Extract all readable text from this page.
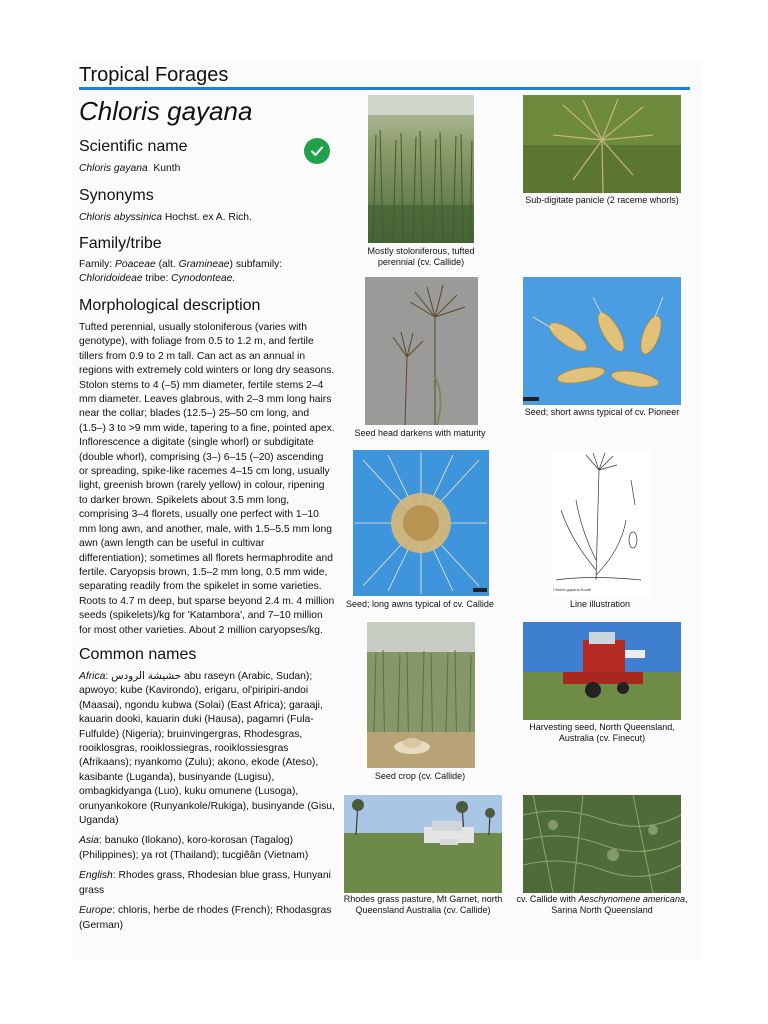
Tropical Forages
Chloris gayana
Scientific name
Chloris gayana Kunth
Synonyms
Chloris abyssinica Hochst. ex A. Rich.
Family/tribe
Family: Poaceae (alt. Gramineae) subfamily:
Chloridoideae tribe: Cynodonteae.
Morphological description
Tufted perennial, usually stoloniferous (varies with genotype), with foliage from 0.5 to 1.2 m, and fertile tillers from 0.9 to 2 m tall. Can act as an annual in regions with extremely cold winters or long dry seasons. Stolon stems to 4 (–5) mm diameter, fertile stems 2–4 mm diameter. Leaves glabrous, with 2–3 mm long hairs near the collar; blades (12.5–) 25–50 cm long, and (1.5–) 3 to >9 mm wide, tapering to a fine, pointed apex. Inflorescence a digitate (single whorl) or subdigitate (double whorl), comprising (3–) 6–15 (–20) ascending or spreading, spike-like racemes 4–15 cm long, usually light, greenish brown (rarely yellow) in colour, ripening to darker brown. Spikelets about 3.5 mm long, comprising 3–4 florets, usually one perfect with 1–10 mm long awn, and another, male, with 1.5–5.5 mm long awn (awn length can be useful in cultivar differentiation); sometimes all florets hermaphrodite and fertile. Caryopsis brown, 1.5–2 mm long, 0.5 mm wide, separating readily from the spikelet in some varieties. Roots to 4.7 m deep, but sparse beyond 2.4 m. 4 million seeds (spikelets)/kg for 'Katambora', and 7–10 million for most other varieties. About 2 million caryopses/kg.
Common names

Africa: حشيشة الرودس abu raseyn (Arabic, Sudan); apwoyo; kube (Kavirondo), erigaru, ol'piripiri-andoi (Maasai), ngondu kubwa (Solai) (East Africa); garaaji, kauarin dooki, kauarin duki (Hausa), pagamri (Fula-Fulfulde) (Nigeria); bruinvingergras, Rhodesgras, rooiklosgras, rooiklossiegras, rooiklossiesgras (Afrikaans); nyankomo (Zulu); akono, ekode (Ateso), kasibante (Luganda), businyande (Lugisu), ombagkidyanga (Luo), kuku omunene (Lusoga), orunyankokore (Runyankole/Rukiga), businyande (Gisu, Uganda)

Asia: banuko (Ilokano), koro-korosan (Tagalog) (Philippines); ya rot (Thailand); tucgiêân (Vietnam)

English: Rhodes grass, Rhodesian blue grass, Hunyani grass

Europe: chloris, herbe de rhodes (French); Rhodasgras (German)

Mostly stoloniferous, tufted perennial (cv. Callide)
Sub-digitate panicle (2 raceme whorls)
Seed head darkens with maturity
Seed; short awns typical of cv. Pioneer
Seed; long awns typical of cv. Callide
Chloris gayana Kunth
Line illustration
Seed crop (cv. Callide)
Harvesting seed, North Queensland, Australia (cv. Finecut)
Rhodes grass pasture, Mt Garnet, north Queensland Australia (cv. Callide)
cv. Callide with Aeschynomene americana, Sarina North Queensland
